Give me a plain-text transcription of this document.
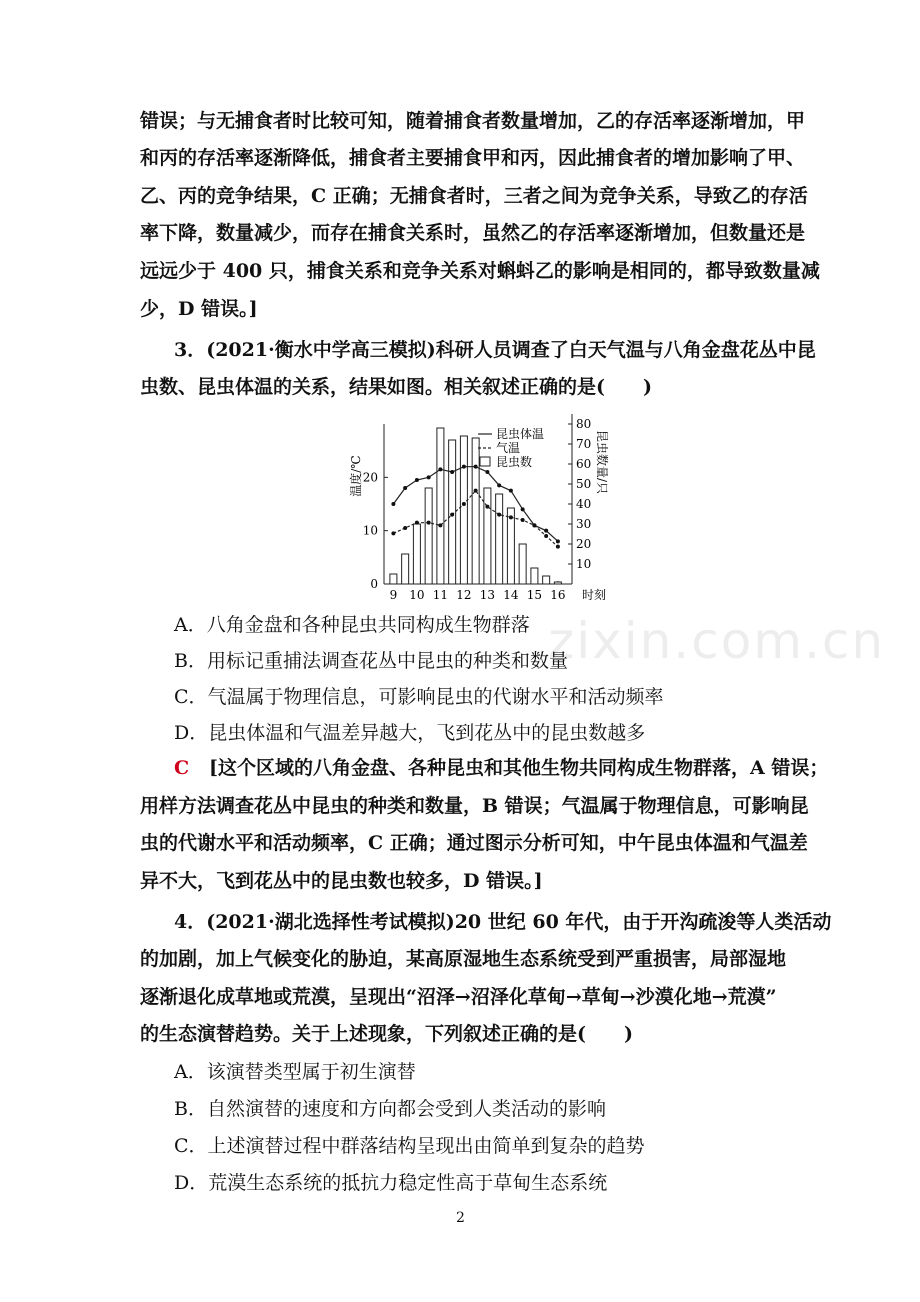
错误；与无捕食者时比较可知，随着捕食者数量增加，乙的存活率逐渐增加，甲
和丙的存活率逐渐降低，捕食者主要捕食甲和丙，因此捕食者的增加影响了甲、
乙、丙的竞争结果，C 正确；无捕食者时，三者之间为竞争关系，导致乙的存活
率下降，数量减少，而存在捕食关系时，虽然乙的存活率逐渐增加，但数量还是
远远少于 400 只，捕食关系和竞争关系对蝌蚪乙的影响是相同的，都导致数量减
少，D 错误。]
3．(2021·衡水中学高三模拟)科研人员调查了白天气温与八角金盘花丛中昆
虫数、昆虫体温的关系，结果如图。相关叙述正确的是(　　)
0
10
20
10
20
30
40
50
60
70
80
9 10 11 12 13 14 15 16 时刻
温度/℃	昆虫数量/只
昆虫体温
气温
昆虫数
A．八角金盘和各种昆虫共同构成生物群落
B．用标记重捕法调查花丛中昆虫的种类和数量
C．气温属于物理信息，可影响昆虫的代谢水平和活动频率
D．昆虫体温和气温差异越大，飞到花丛中的昆虫数越多
C [这个区域的八角金盘、各种昆虫和其他生物共同构成生物群落，A 错误；
用样方法调查花丛中昆虫的种类和数量，B 错误；气温属于物理信息，可影响昆
虫的代谢水平和活动频率，C 正确；通过图示分析可知，中午昆虫体温和气温差
异不大，飞到花丛中的昆虫数也较多，D 错误。]
4．(2021·湖北选择性考试模拟)20 世纪 60 年代，由于开沟疏浚等人类活动
的加剧，加上气候变化的胁迫，某高原湿地生态系统受到严重损害，局部湿地
逐渐退化成草地或荒漠，呈现出“沼泽→沼泽化草甸→草甸→沙漠化地→荒漠”
的生态演替趋势。关于上述现象，下列叙述正确的是(　　)
A．该演替类型属于初生演替
B．自然演替的速度和方向都会受到人类活动的影响
C．上述演替过程中群落结构呈现出由简单到复杂的趋势
D．荒漠生态系统的抵抗力稳定性高于草甸生态系统
zixin.com.cn
2
